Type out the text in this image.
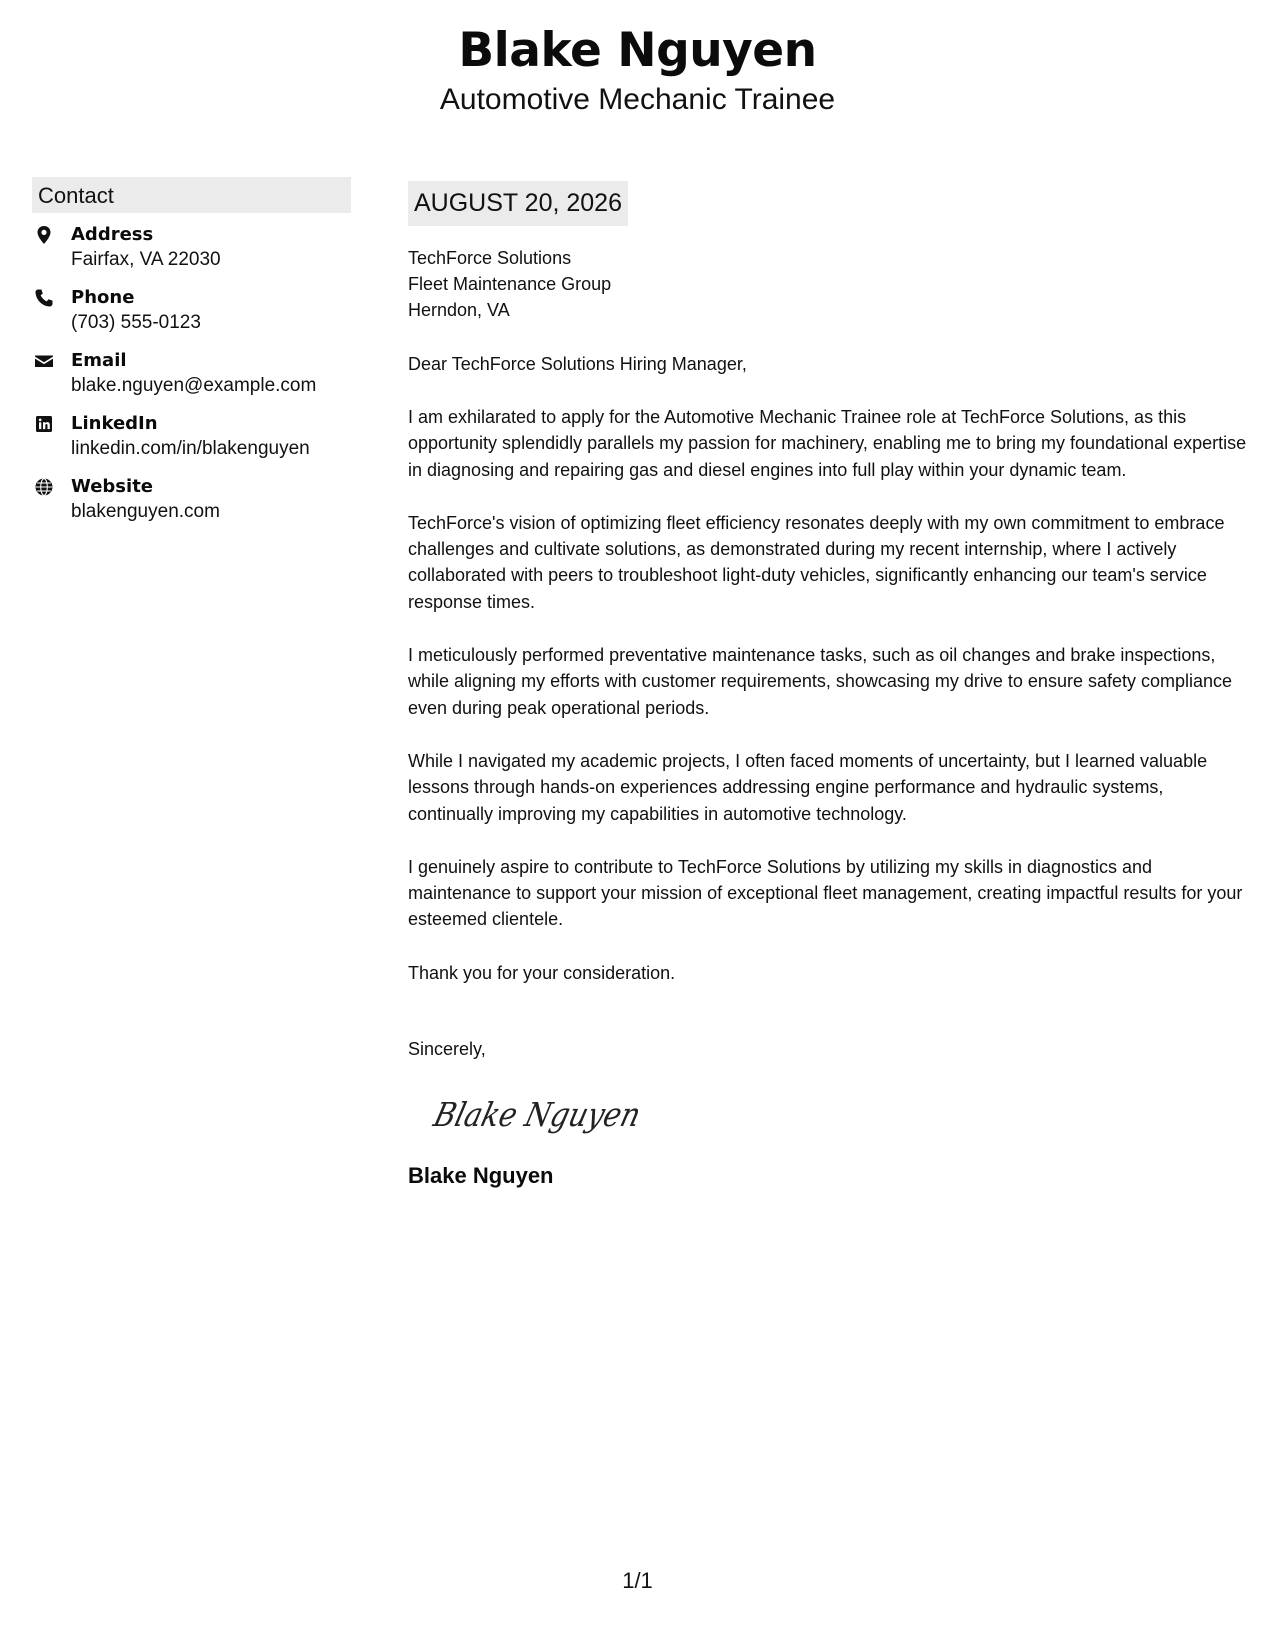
Blake Nguyen
Automotive Mechanic Trainee
Contact
Address
Fairfax, VA 22030
Phone
(703) 555-0123
Email
blake.nguyen@example.com
LinkedIn
linkedin.com/in/blakenguyen
Website
blakenguyen.com
AUGUST 20, 2026
TechForce Solutions
Fleet Maintenance Group
Herndon, VA
Dear TechForce Solutions Hiring Manager,
I am exhilarated to apply for the Automotive Mechanic Trainee role at TechForce Solutions, as this opportunity splendidly parallels my passion for machinery, enabling me to bring my foundational expertise in diagnosing and repairing gas and diesel engines into full play within your dynamic team.
TechForce's vision of optimizing fleet efficiency resonates deeply with my own commitment to embrace challenges and cultivate solutions, as demonstrated during my recent internship, where I actively collaborated with peers to troubleshoot light-duty vehicles, significantly enhancing our team's service response times.
I meticulously performed preventative maintenance tasks, such as oil changes and brake inspections, while aligning my efforts with customer requirements, showcasing my drive to ensure safety compliance even during peak operational periods.
While I navigated my academic projects, I often faced moments of uncertainty, but I learned valuable lessons through hands-on experiences addressing engine performance and hydraulic systems, continually improving my capabilities in automotive technology.
I genuinely aspire to contribute to TechForce Solutions by utilizing my skills in diagnostics and maintenance to support your mission of exceptional fleet management, creating impactful results for your esteemed clientele.
Thank you for your consideration.
Sincerely,
Blake Nguyen
Blake Nguyen
1/1
